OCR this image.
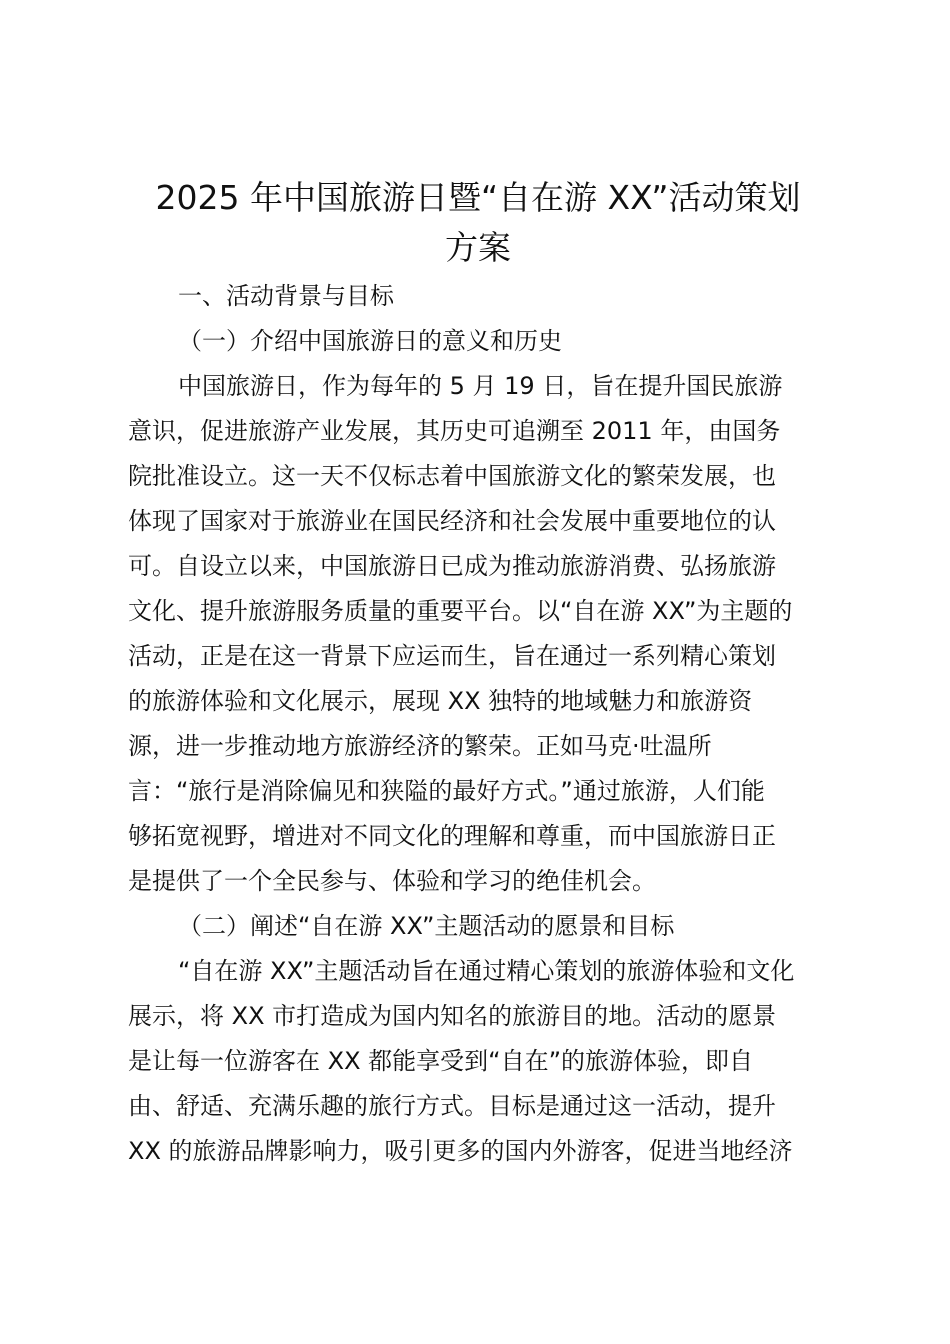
2025 年中国旅游日暨“自在游 XX”活动策划
方案
一、活动背景与目标
（一）介绍中国旅游日的意义和历史
中国旅游日，作为每年的 5 月 19 日，旨在提升国民旅游
意识，促进旅游产业发展，其历史可追溯至 2011 年，由国务
院批准设立。这一天不仅标志着中国旅游文化的繁荣发展，也
体现了国家对于旅游业在国民经济和社会发展中重要地位的认
可。自设立以来，中国旅游日已成为推动旅游消费、弘扬旅游
文化、提升旅游服务质量的重要平台。以“自在游 XX”为主题的
活动，正是在这一背景下应运而生，旨在通过一系列精心策划
的旅游体验和文化展示，展现 XX 独特的地域魅力和旅游资
源，进一步推动地方旅游经济的繁荣。正如马克·吐温所
言：“旅行是消除偏见和狭隘的最好方式。”通过旅游，人们能
够拓宽视野，增进对不同文化的理解和尊重，而中国旅游日正
是提供了一个全民参与、体验和学习的绝佳机会。
（二）阐述“自在游 XX”主题活动的愿景和目标
“自在游 XX”主题活动旨在通过精心策划的旅游体验和文化
展示，将 XX 市打造成为国内知名的旅游目的地。活动的愿景
是让每一位游客在 XX 都能享受到“自在”的旅游体验，即自
由、舒适、充满乐趣的旅行方式。目标是通过这一活动，提升
XX 的旅游品牌影响力，吸引更多的国内外游客，促进当地经济
